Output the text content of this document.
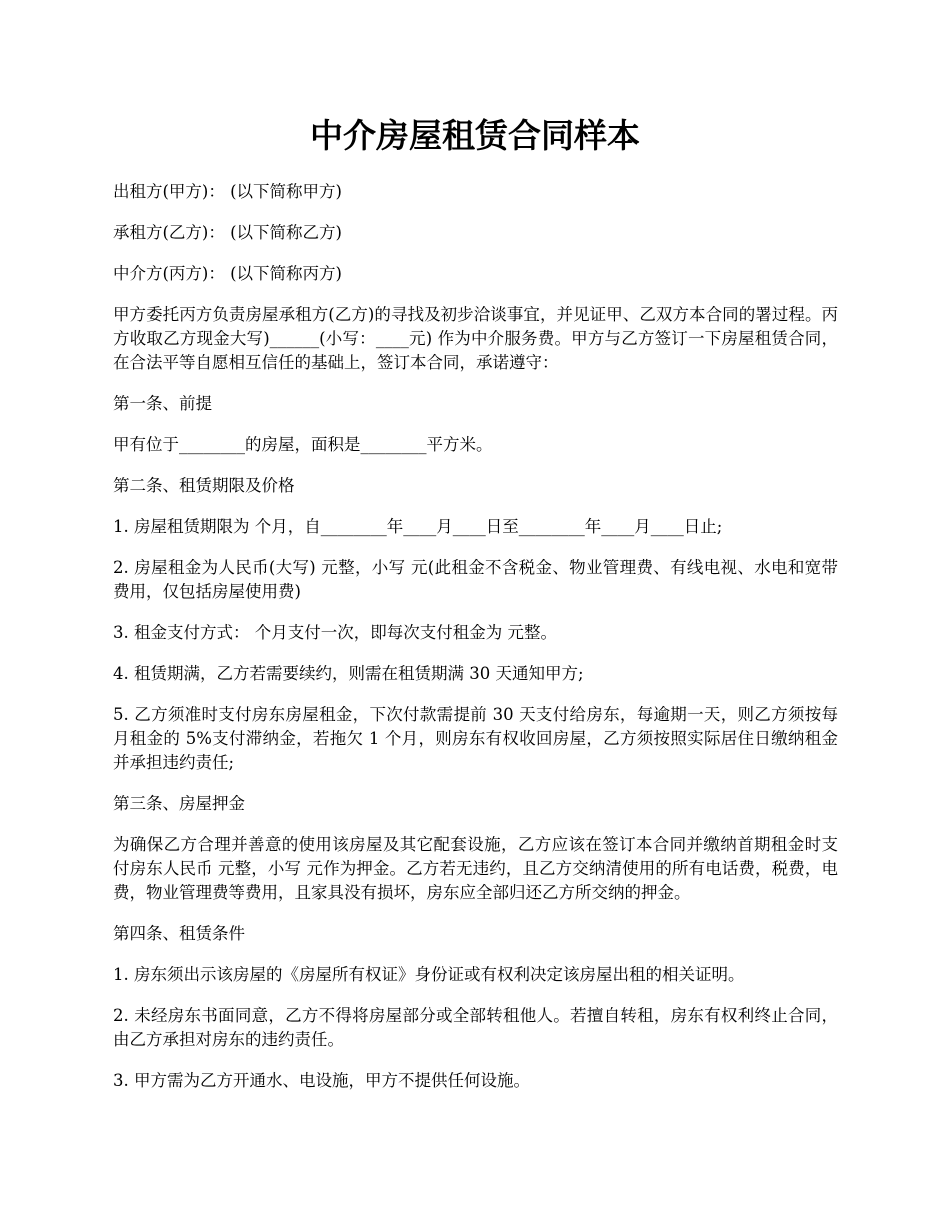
中介房屋租赁合同样本

出租方(甲方)： (以下简称甲方)

承租方(乙方)： (以下简称乙方)

中介方(丙方)： (以下简称丙方)

甲方委托丙方负责房屋承租方(乙方)的寻找及初步洽谈事宜，并见证甲、乙双方本合同的署过程。丙方收取乙方现金大写)______(小写：____元) 作为中介服务费。甲方与乙方签订一下房屋租赁合同，在合法平等自愿相互信任的基础上，签订本合同，承诺遵守：

第一条、前提

甲有位于________的房屋，面积是________平方米。

第二条、租赁期限及价格

1. 房屋租赁期限为 个月，自________年____月____日至________年____月____日止;

2. 房屋租金为人民币(大写) 元整，小写 元(此租金不含税金、物业管理费、有线电视、水电和宽带费用，仅包括房屋使用费)

3. 租金支付方式： 个月支付一次，即每次支付租金为 元整。

4. 租赁期满，乙方若需要续约，则需在租赁期满 30 天通知甲方;

5. 乙方须准时支付房东房屋租金，下次付款需提前 30 天支付给房东，每逾期一天，则乙方须按每月租金的 5%支付滞纳金，若拖欠 1 个月，则房东有权收回房屋，乙方须按照实际居住日缴纳租金并承担违约责任;

第三条、房屋押金

为确保乙方合理并善意的使用该房屋及其它配套设施，乙方应该在签订本合同并缴纳首期租金时支付房东人民币 元整，小写 元作为押金。乙方若无违约，且乙方交纳清使用的所有电话费，税费，电费，物业管理费等费用，且家具没有损坏，房东应全部归还乙方所交纳的押金。

第四条、租赁条件

1. 房东须出示该房屋的《房屋所有权证》身份证或有权利决定该房屋出租的相关证明。

2. 未经房东书面同意，乙方不得将房屋部分或全部转租他人。若擅自转租，房东有权利终止合同，由乙方承担对房东的违约责任。

3. 甲方需为乙方开通水、电设施，甲方不提供任何设施。
